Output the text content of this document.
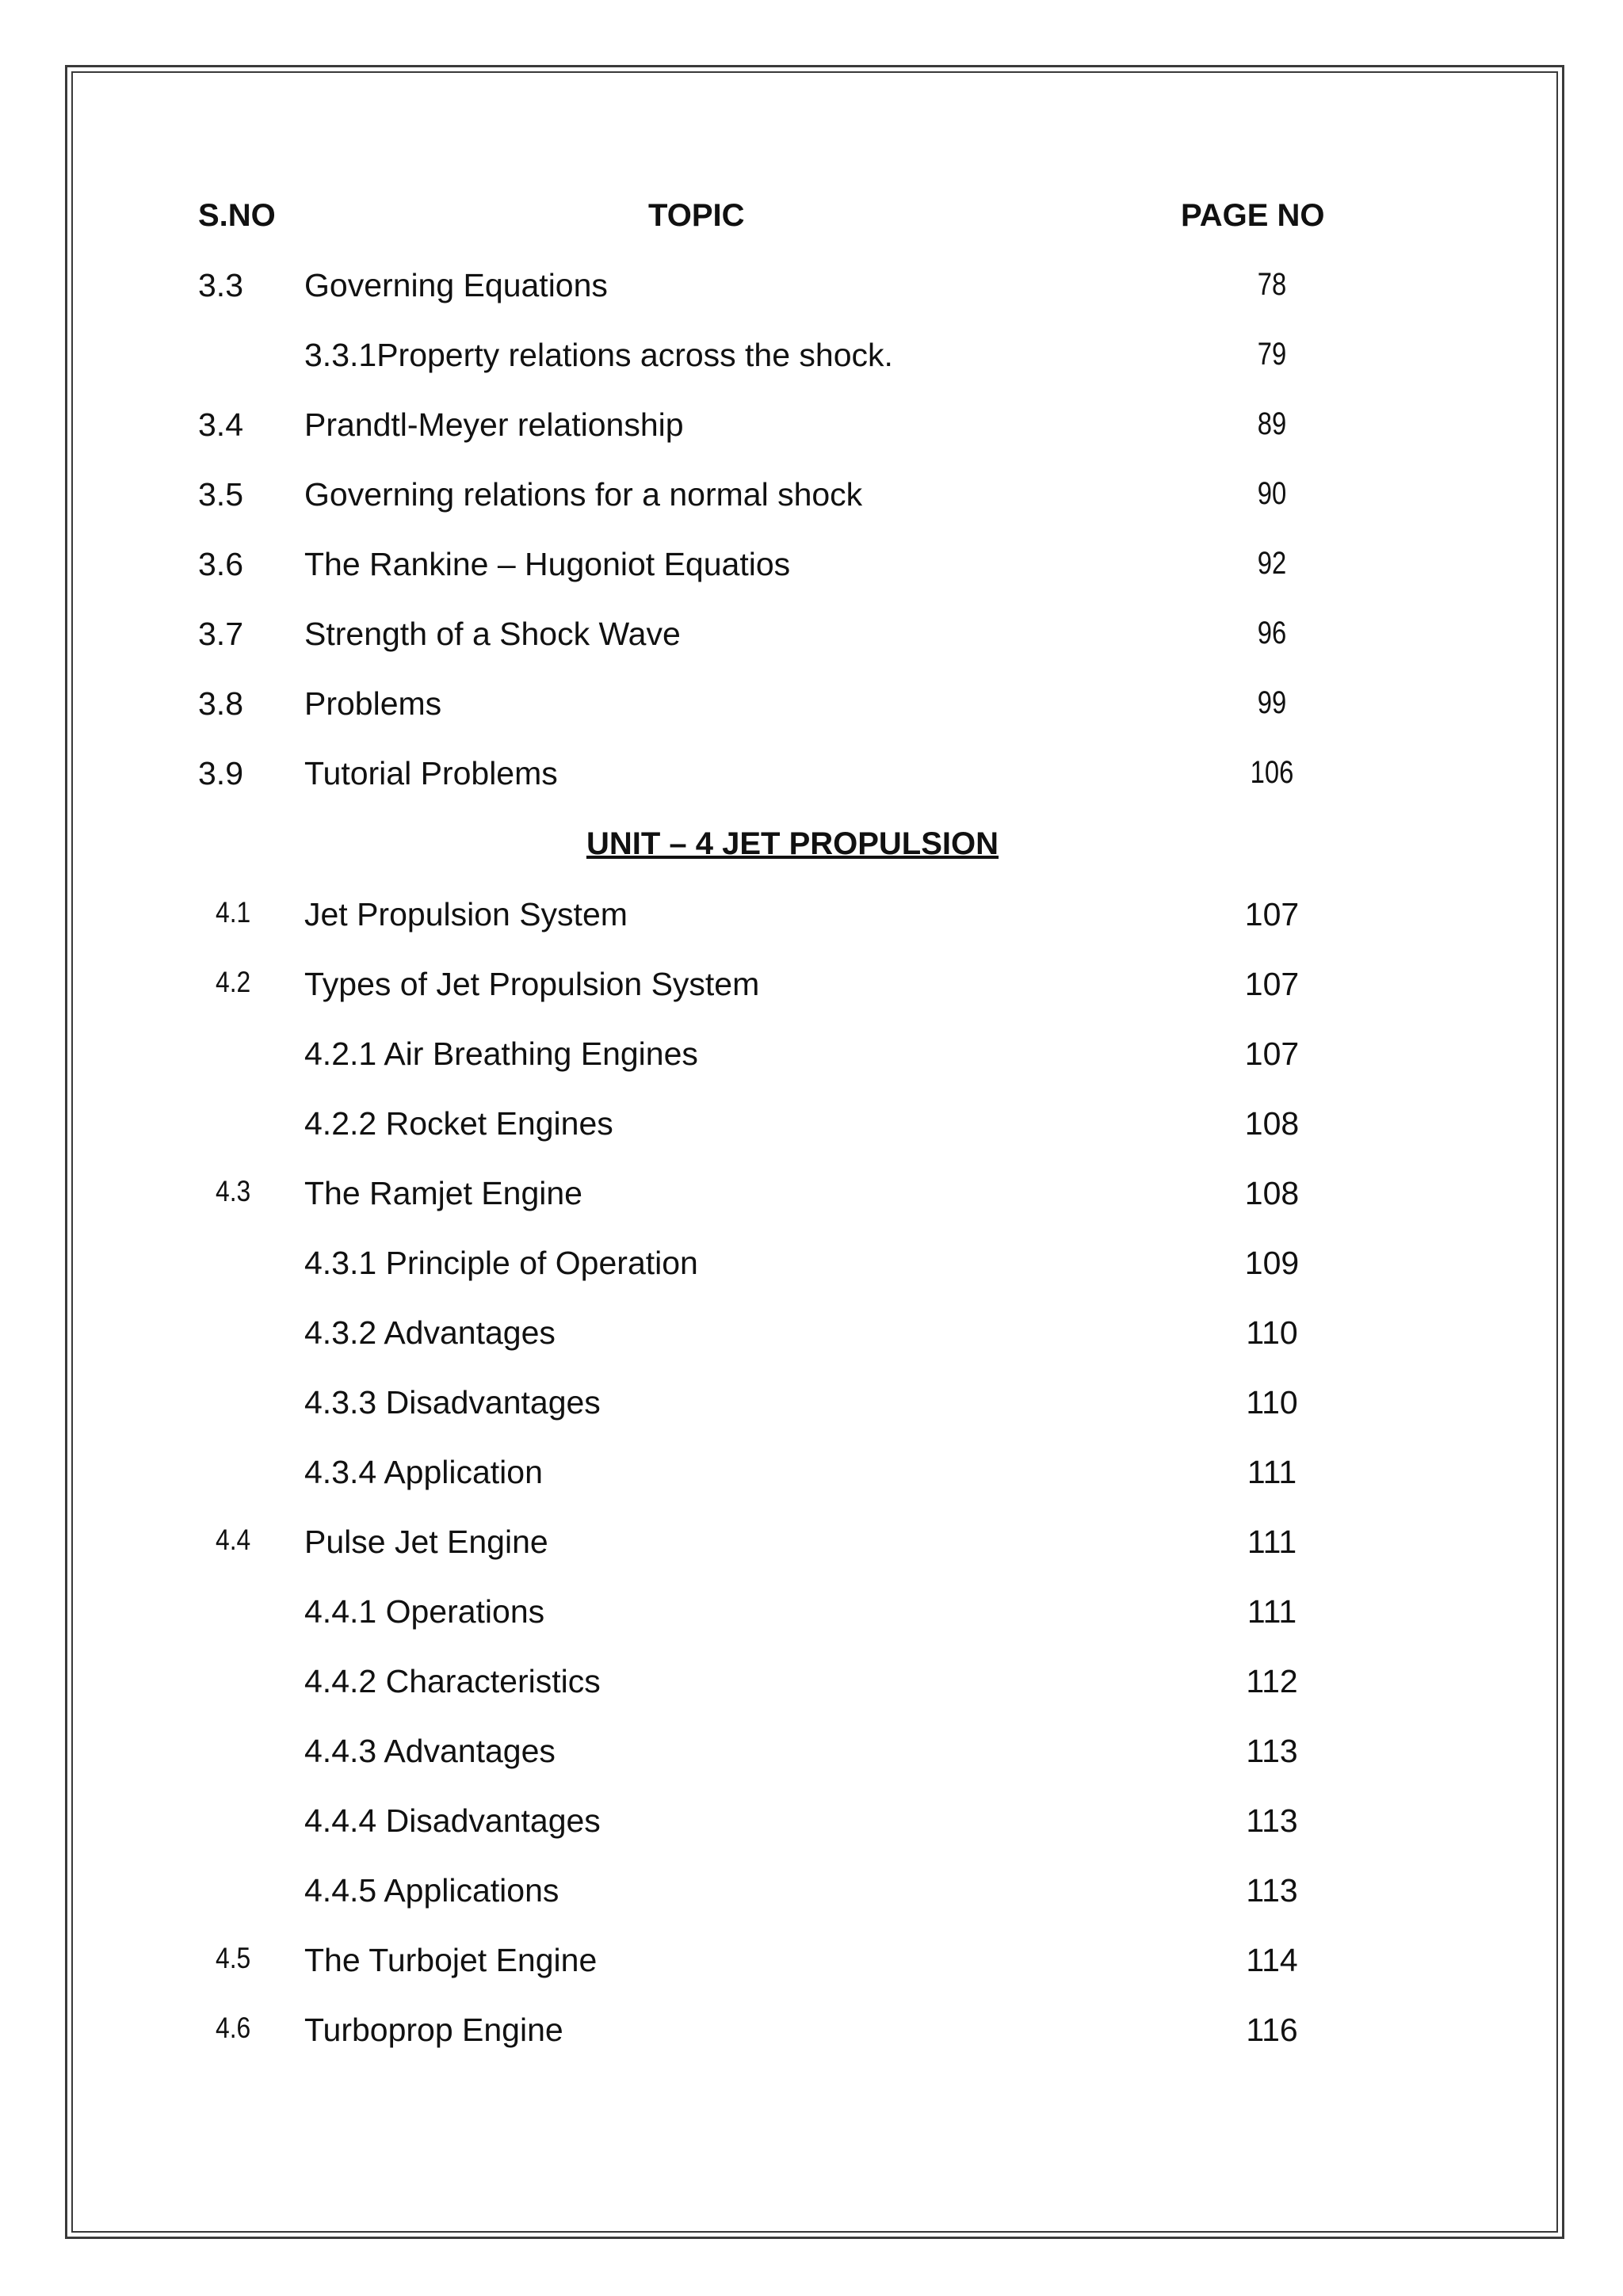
S.NO	TOPIC	PAGE NO
3.3 Governing Equations	78
3.3.1Property relations across the shock.	79
3.4 Prandtl-Meyer relationship	89
3.5 Governing relations for a normal shock	90
3.6 The Rankine – Hugoniot Equatios	92
3.7 Strength of a Shock Wave	96
3.8 Problems	99
3.9 Tutorial Problems	106
4.1 Jet Propulsion System	107
4.2 Types of Jet Propulsion System	107
4.2.1 Air Breathing Engines	107
4.2.2 Rocket Engines	108
4.3 The Ramjet Engine	108
4.3.1 Principle of Operation	109
4.3.2 Advantages	110
4.3.3 Disadvantages	110
4.3.4 Application	111
4.4 Pulse Jet Engine	111
4.4.1 Operations	111
4.4.2 Characteristics	112
4.4.3 Advantages	113
4.4.4 Disadvantages	113
4.4.5 Applications	113
4.5 The Turbojet Engine	114
4.6 Turboprop Engine	116
UNIT – 4 JET PROPULSION
